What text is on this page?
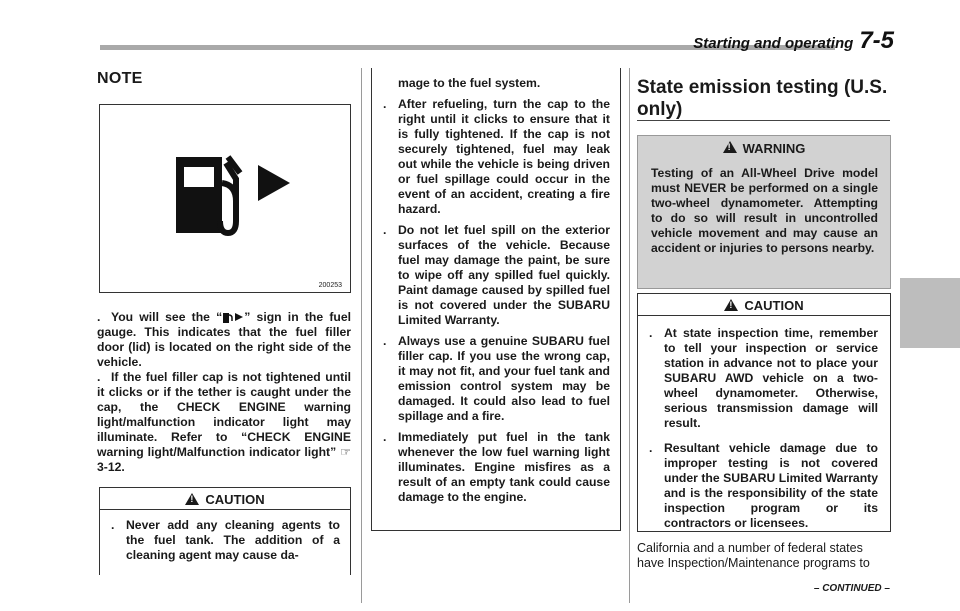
Starting and operating 7-5
NOTE
200253
. You will see the “ ” sign in the fuel gauge. This indicates that the fuel filler door (lid) is located on the right side of the vehicle.
. If the fuel filler cap is not tightened until it clicks or if the tether is caught under the cap, the CHECK ENGINE warning light/malfunction indicator light may illuminate. Refer to “CHECK ENGINE warning light/Malfunction indicator light” ☞3-12.
!
CAUTION
. Never add any cleaning agents to the fuel tank. The addition of a cleaning agent may cause da-
mage to the fuel system.
. After refueling, turn the cap to the right until it clicks to ensure that it is fully tightened. If the cap is not securely tightened, fuel may leak out while the vehicle is being driven or fuel spillage could occur in the event of an accident, creating a fire hazard.
. Do not let fuel spill on the exterior surfaces of the vehicle. Because fuel may damage the paint, be sure to wipe off any spilled fuel quickly. Paint damage caused by spilled fuel is not covered under the SUBARU Limited Warranty.
. Always use a genuine SUBARU fuel filler cap. If you use the wrong cap, it may not fit, and your fuel tank and emission control system may be damaged. It could also lead to fuel spillage and a fire.
. Immediately put fuel in the tank whenever the low fuel warning light illuminates. Engine misfires as a result of an empty tank could cause damage to the engine.
State emission testing (U.S. only)
!WARNING
Testing of an All-Wheel Drive model must NEVER be performed on a single two-wheel dynamometer. Attempting to do so will result in uncontrolled vehicle movement and may cause an accident or injuries to persons nearby.
!
CAUTION
. At state inspection time, remember to tell your inspection or service station in advance not to place your SUBARU AWD vehicle on a two-wheel dynamometer. Otherwise, serious transmission damage will result.
. Resultant vehicle damage due to improper testing is not covered under the SUBARU Limited Warranty and is the responsibility of the state inspection program or its contractors or licensees.
California and a number of federal states have Inspection/Maintenance programs to
– CONTINUED –
